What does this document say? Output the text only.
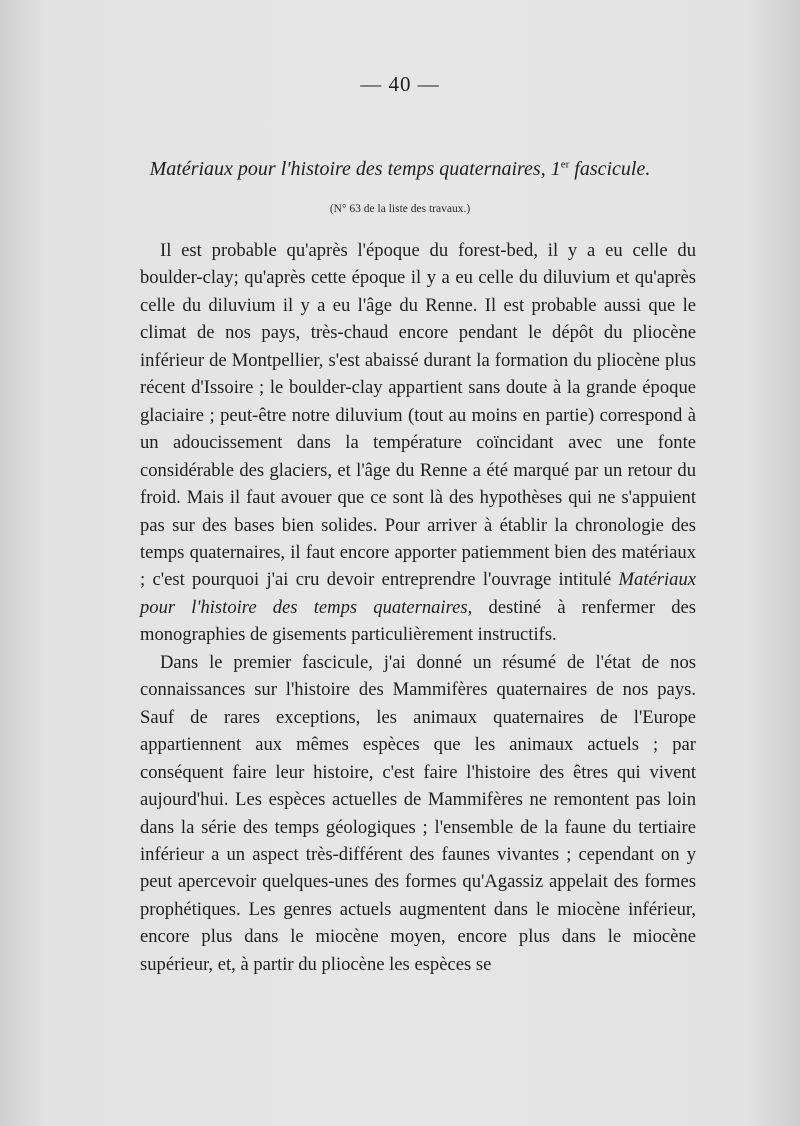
— 40 —
Matériaux pour l'histoire des temps quaternaires, 1er fascicule.
(N° 63 de la liste des travaux.)

Il est probable qu'après l'époque du forest-bed, il y a eu celle du boulder-clay; qu'après cette époque il y a eu celle du diluvium et qu'après celle du diluvium il y a eu l'âge du Renne. Il est probable aussi que le climat de nos pays, très-chaud encore pendant le dépôt du pliocène inférieur de Montpellier, s'est abaissé durant la formation du pliocène plus récent d'Issoire ; le boulder-clay appartient sans doute à la grande époque glaciaire ; peut-être notre diluvium (tout au moins en partie) correspond à un adoucissement dans la température coïncidant avec une fonte considérable des glaciers, et l'âge du Renne a été marqué par un retour du froid. Mais il faut avouer que ce sont là des hypothèses qui ne s'appuient pas sur des bases bien solides. Pour arriver à établir la chronologie des temps quaternaires, il faut encore apporter patiemment bien des matériaux ; c'est pourquoi j'ai cru devoir entreprendre l'ouvrage intitulé Matériaux pour l'histoire des temps quaternaires, destiné à renfermer des monographies de gisements particulièrement instructifs.

Dans le premier fascicule, j'ai donné un résumé de l'état de nos connaissances sur l'histoire des Mammifères quaternaires de nos pays. Sauf de rares exceptions, les animaux quaternaires de l'Europe appartiennent aux mêmes espèces que les animaux actuels ; par conséquent faire leur histoire, c'est faire l'histoire des êtres qui vivent aujourd'hui. Les espèces actuelles de Mammifères ne remontent pas loin dans la série des temps géologiques ; l'ensemble de la faune du tertiaire inférieur a un aspect très-différent des faunes vivantes ; cependant on y peut apercevoir quelques-unes des formes qu'Agassiz appelait des formes prophétiques. Les genres actuels augmentent dans le miocène inférieur, encore plus dans le miocène moyen, encore plus dans le miocène supérieur, et, à partir du pliocène les espèces se
